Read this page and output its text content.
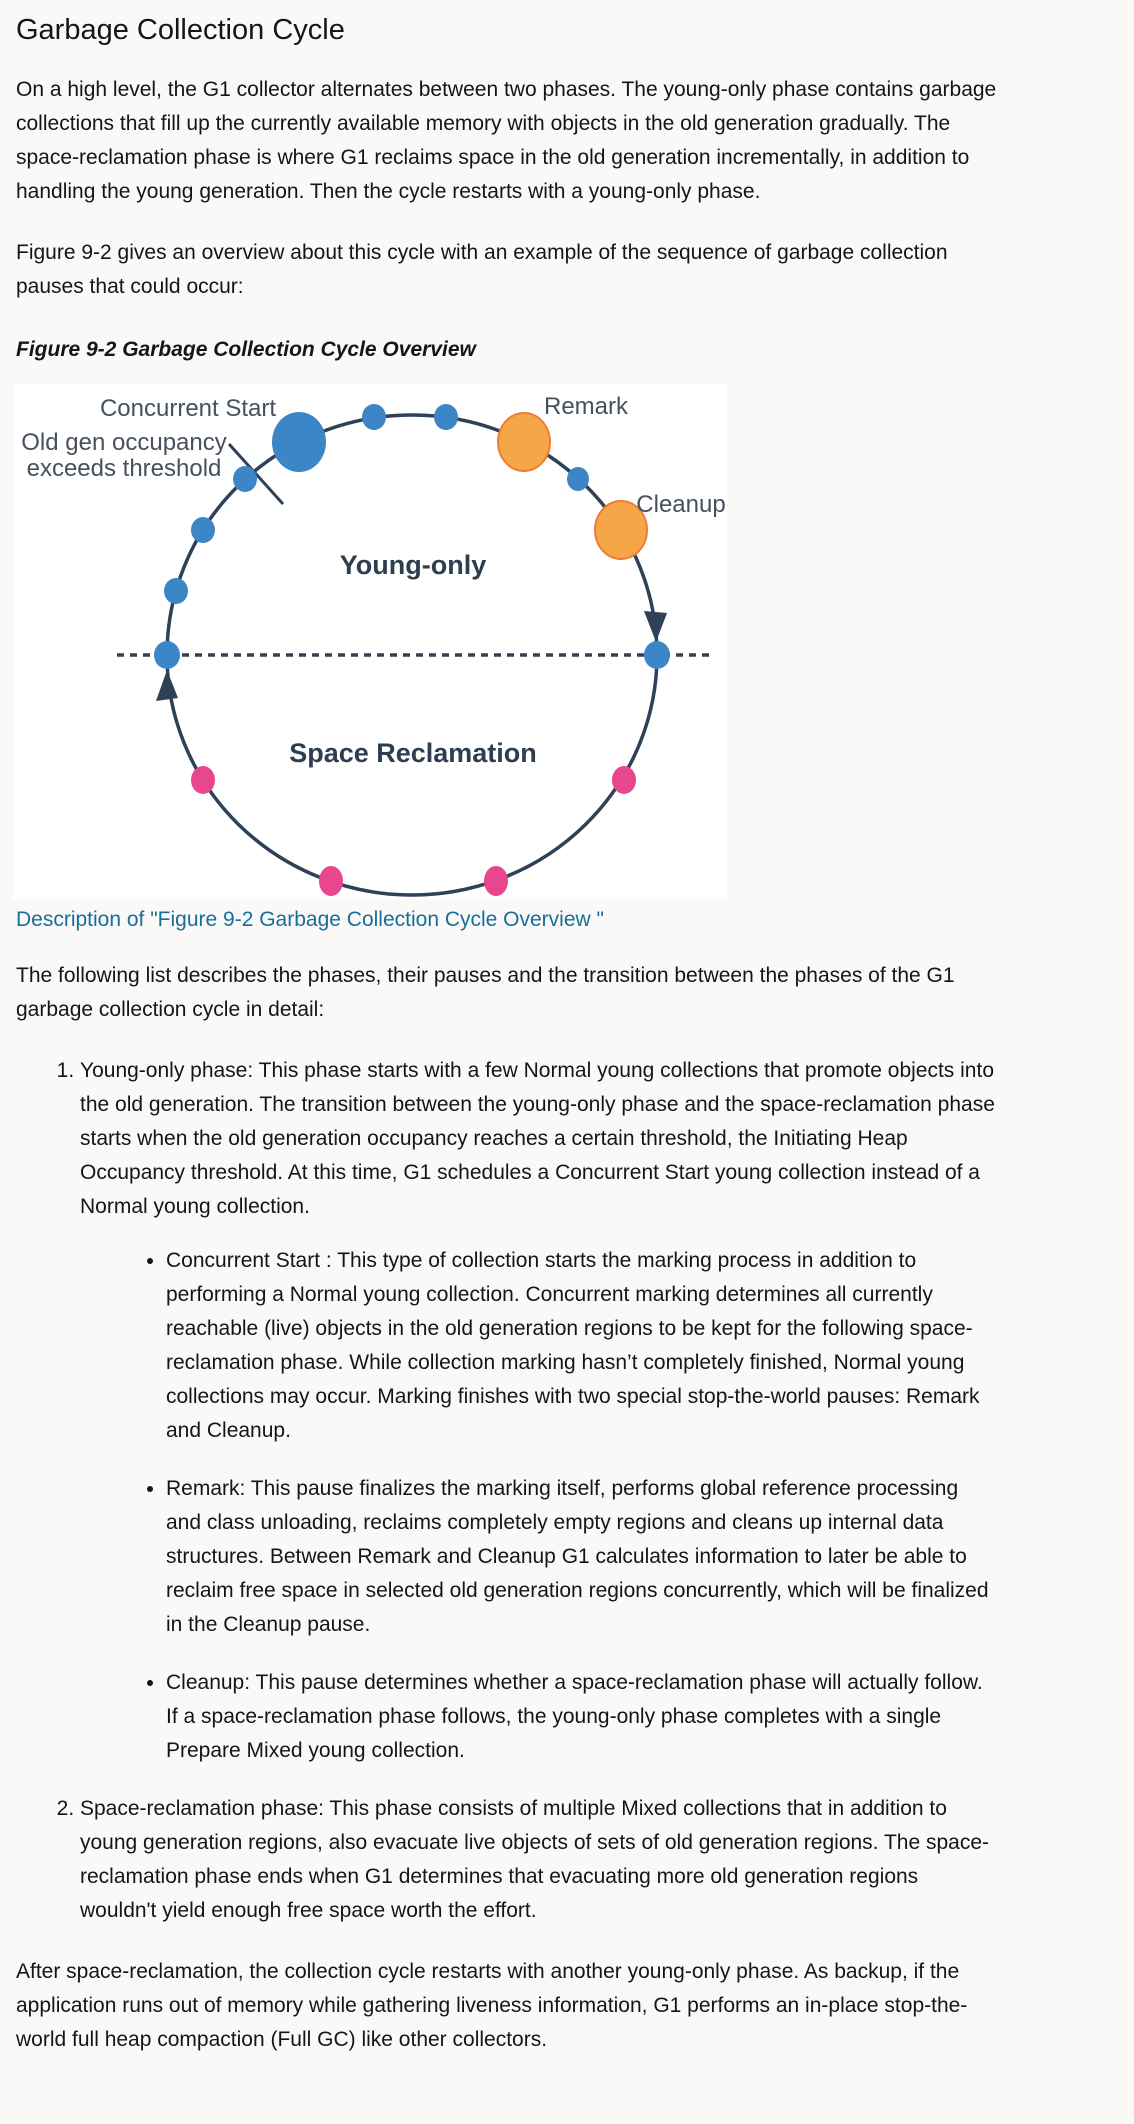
Garbage Collection Cycle

On a high level, the G1 collector alternates between two phases. The young-only phase contains garbage collections that fill up the currently available memory with objects in the old generation gradually. The space-reclamation phase is where G1 reclaims space in the old generation incrementally, in addition to handling the young generation. Then the cycle restarts with a young-only phase.

Figure 9-2 gives an overview about this cycle with an example of the sequence of garbage collection pauses that could occur:

Figure 9-2 Garbage Collection Cycle Overview
Concurrent Start
Old gen occupancy
exceeds threshold
Remark
Cleanup
Young-only
Space Reclamation
Description of "Figure 9-2 Garbage Collection Cycle Overview "

The following list describes the phases, their pauses and the transition between the phases of the G1 garbage collection cycle in detail:

1. Young-only phase: This phase starts with a few Normal young collections that promote objects into the old generation. The transition between the young-only phase and the space-reclamation phase starts when the old generation occupancy reaches a certain threshold, the Initiating Heap Occupancy threshold. At this time, G1 schedules a Concurrent Start young collection instead of a Normal young collection.
• Concurrent Start : This type of collection starts the marking process in addition to performing a Normal young collection. Concurrent marking determines all currently reachable (live) objects in the old generation regions to be kept for the following space-reclamation phase. While collection marking hasn’t completely finished, Normal young collections may occur. Marking finishes with two special stop-the-world pauses: Remark and Cleanup.
• Remark: This pause finalizes the marking itself, performs global reference processing and class unloading, reclaims completely empty regions and cleans up internal data structures. Between Remark and Cleanup G1 calculates information to later be able to reclaim free space in selected old generation regions concurrently, which will be finalized in the Cleanup pause.
• Cleanup: This pause determines whether a space-reclamation phase will actually follow. If a space-reclamation phase follows, the young-only phase completes with a single Prepare Mixed young collection.
2. Space-reclamation phase: This phase consists of multiple Mixed collections that in addition to young generation regions, also evacuate live objects of sets of old generation regions. The space-reclamation phase ends when G1 determines that evacuating more old generation regions wouldn't yield enough free space worth the effort.

After space-reclamation, the collection cycle restarts with another young-only phase. As backup, if the application runs out of memory while gathering liveness information, G1 performs an in-place stop-the-world full heap compaction (Full GC) like other collectors.
